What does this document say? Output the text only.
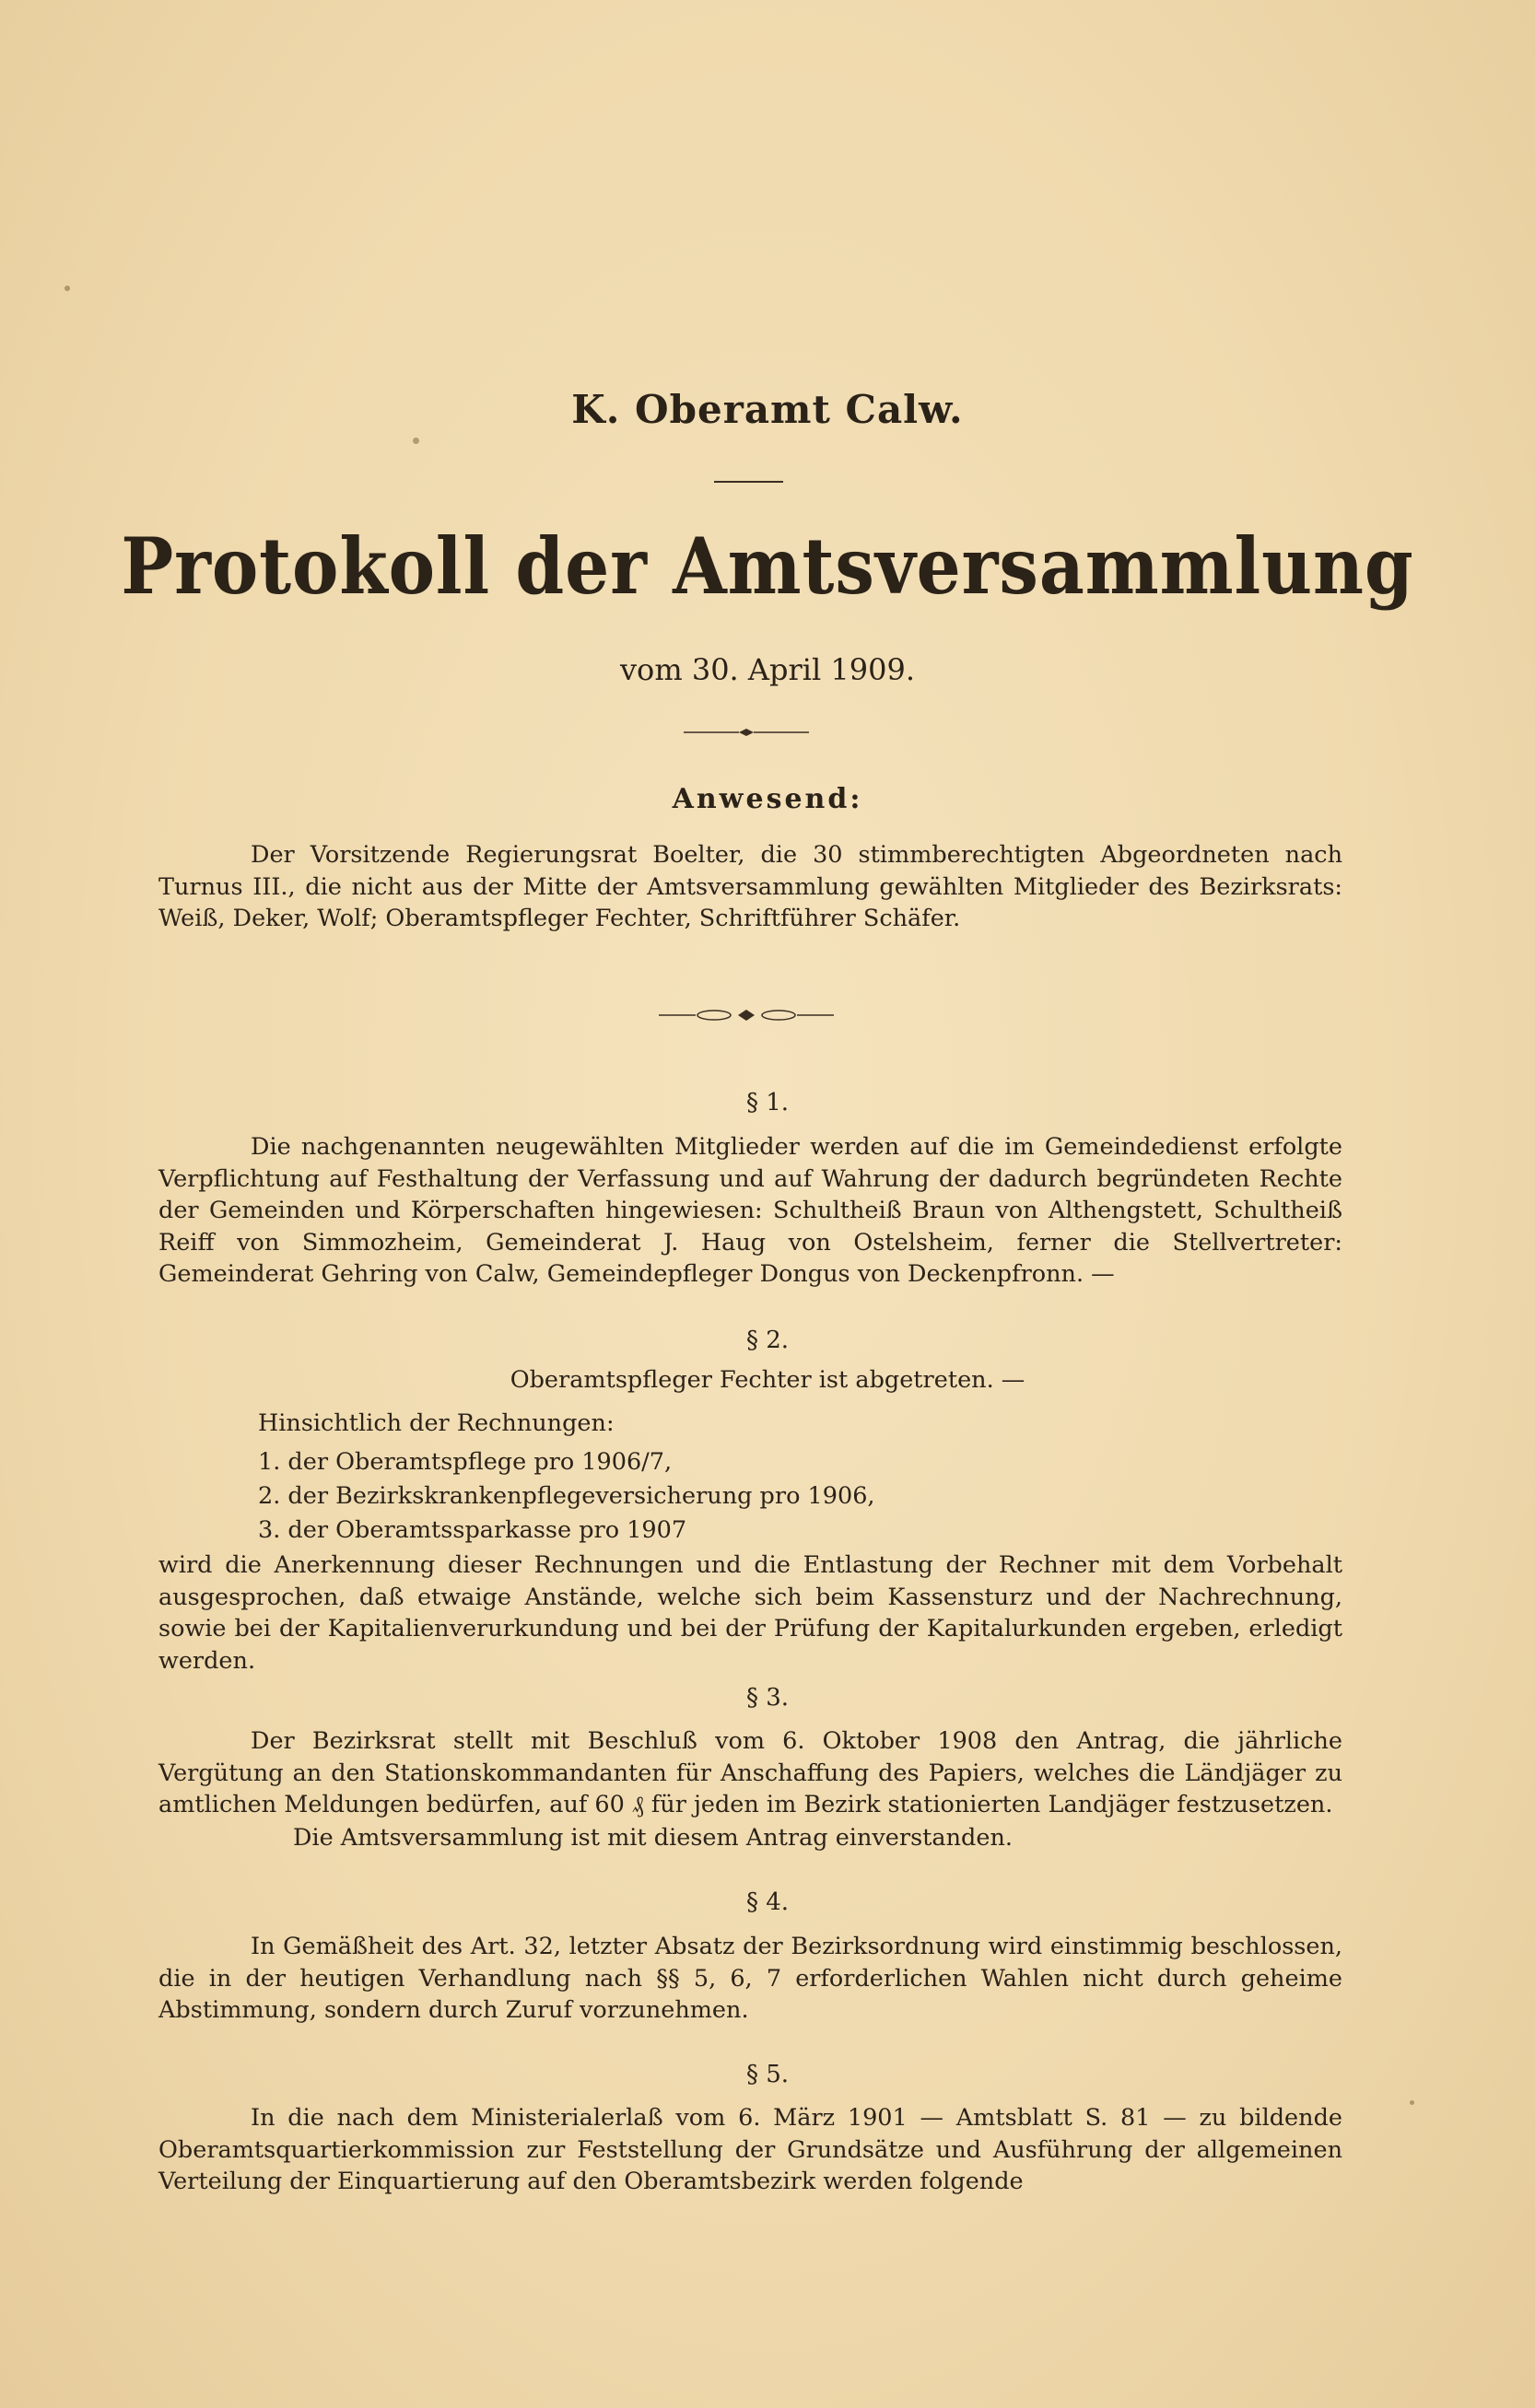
K. Oberamt Calw.
Protokoll der Amtsversammlung
vom 30. April 1909.
Anwesend:
Der Vorsitzende Regierungsrat Boelter, die 30 stimmberechtigten Abgeordneten nach Turnus III., die nicht aus der Mitte der Amtsversammlung gewählten Mitglieder des Bezirksrats: Weiß, Deker, Wolf; Oberamtspfleger Fechter, Schriftführer Schäfer.
§ 1.
Die nachgenannten neugewählten Mitglieder werden auf die im Gemeindedienst erfolgte Verpflichtung auf Festhaltung der Verfassung und auf Wahrung der dadurch begründeten Rechte der Gemeinden und Körperschaften hingewiesen: Schultheiß Braun von Althengstett, Schultheiß Reiff von Simmozheim, Gemeinderat J. Haug von Ostelsheim, ferner die Stellvertreter: Gemeinderat Gehring von Calw, Gemeindepfleger Dongus von Deckenpfronn. —
§ 2.
Oberamtspfleger Fechter ist abgetreten. —
Hinsichtlich der Rechnungen:
1. der Oberamtspflege pro 1906/7,
2. der Bezirkskrankenpflegeversicherung pro 1906,
3. der Oberamtssparkasse pro 1907
wird die Anerkennung dieser Rechnungen und die Entlastung der Rechner mit dem Vorbehalt ausgesprochen, daß etwaige Anstände, welche sich beim Kassensturz und der Nachrechnung, sowie bei der Kapitalienverurkundung und bei der Prüfung der Kapitalurkunden ergeben, erledigt werden.
§ 3.
Der Bezirksrat stellt mit Beschluß vom 6. Oktober 1908 den Antrag, die jährliche Vergütung an den Stationskommandanten für Anschaffung des Papiers, welches die Ländjäger zu amtlichen Meldungen bedürfen, auf 60 ₰ für jeden im Bezirk stationierten Landjäger festzusetzen.
Die Amtsversammlung ist mit diesem Antrag einverstanden.
§ 4.
In Gemäßheit des Art. 32, letzter Absatz der Bezirksordnung wird einstimmig beschlossen, die in der heutigen Verhandlung nach §§ 5, 6, 7 erforderlichen Wahlen nicht durch geheime Abstimmung, sondern durch Zuruf vorzunehmen.
§ 5.
In die nach dem Ministerialerlaß vom 6. März 1901 — Amtsblatt S. 81 — zu bildende Oberamtsquartierkommission zur Feststellung der Grundsätze und Ausführung der allgemeinen Verteilung der Einquartierung auf den Oberamtsbezirk werden folgende
